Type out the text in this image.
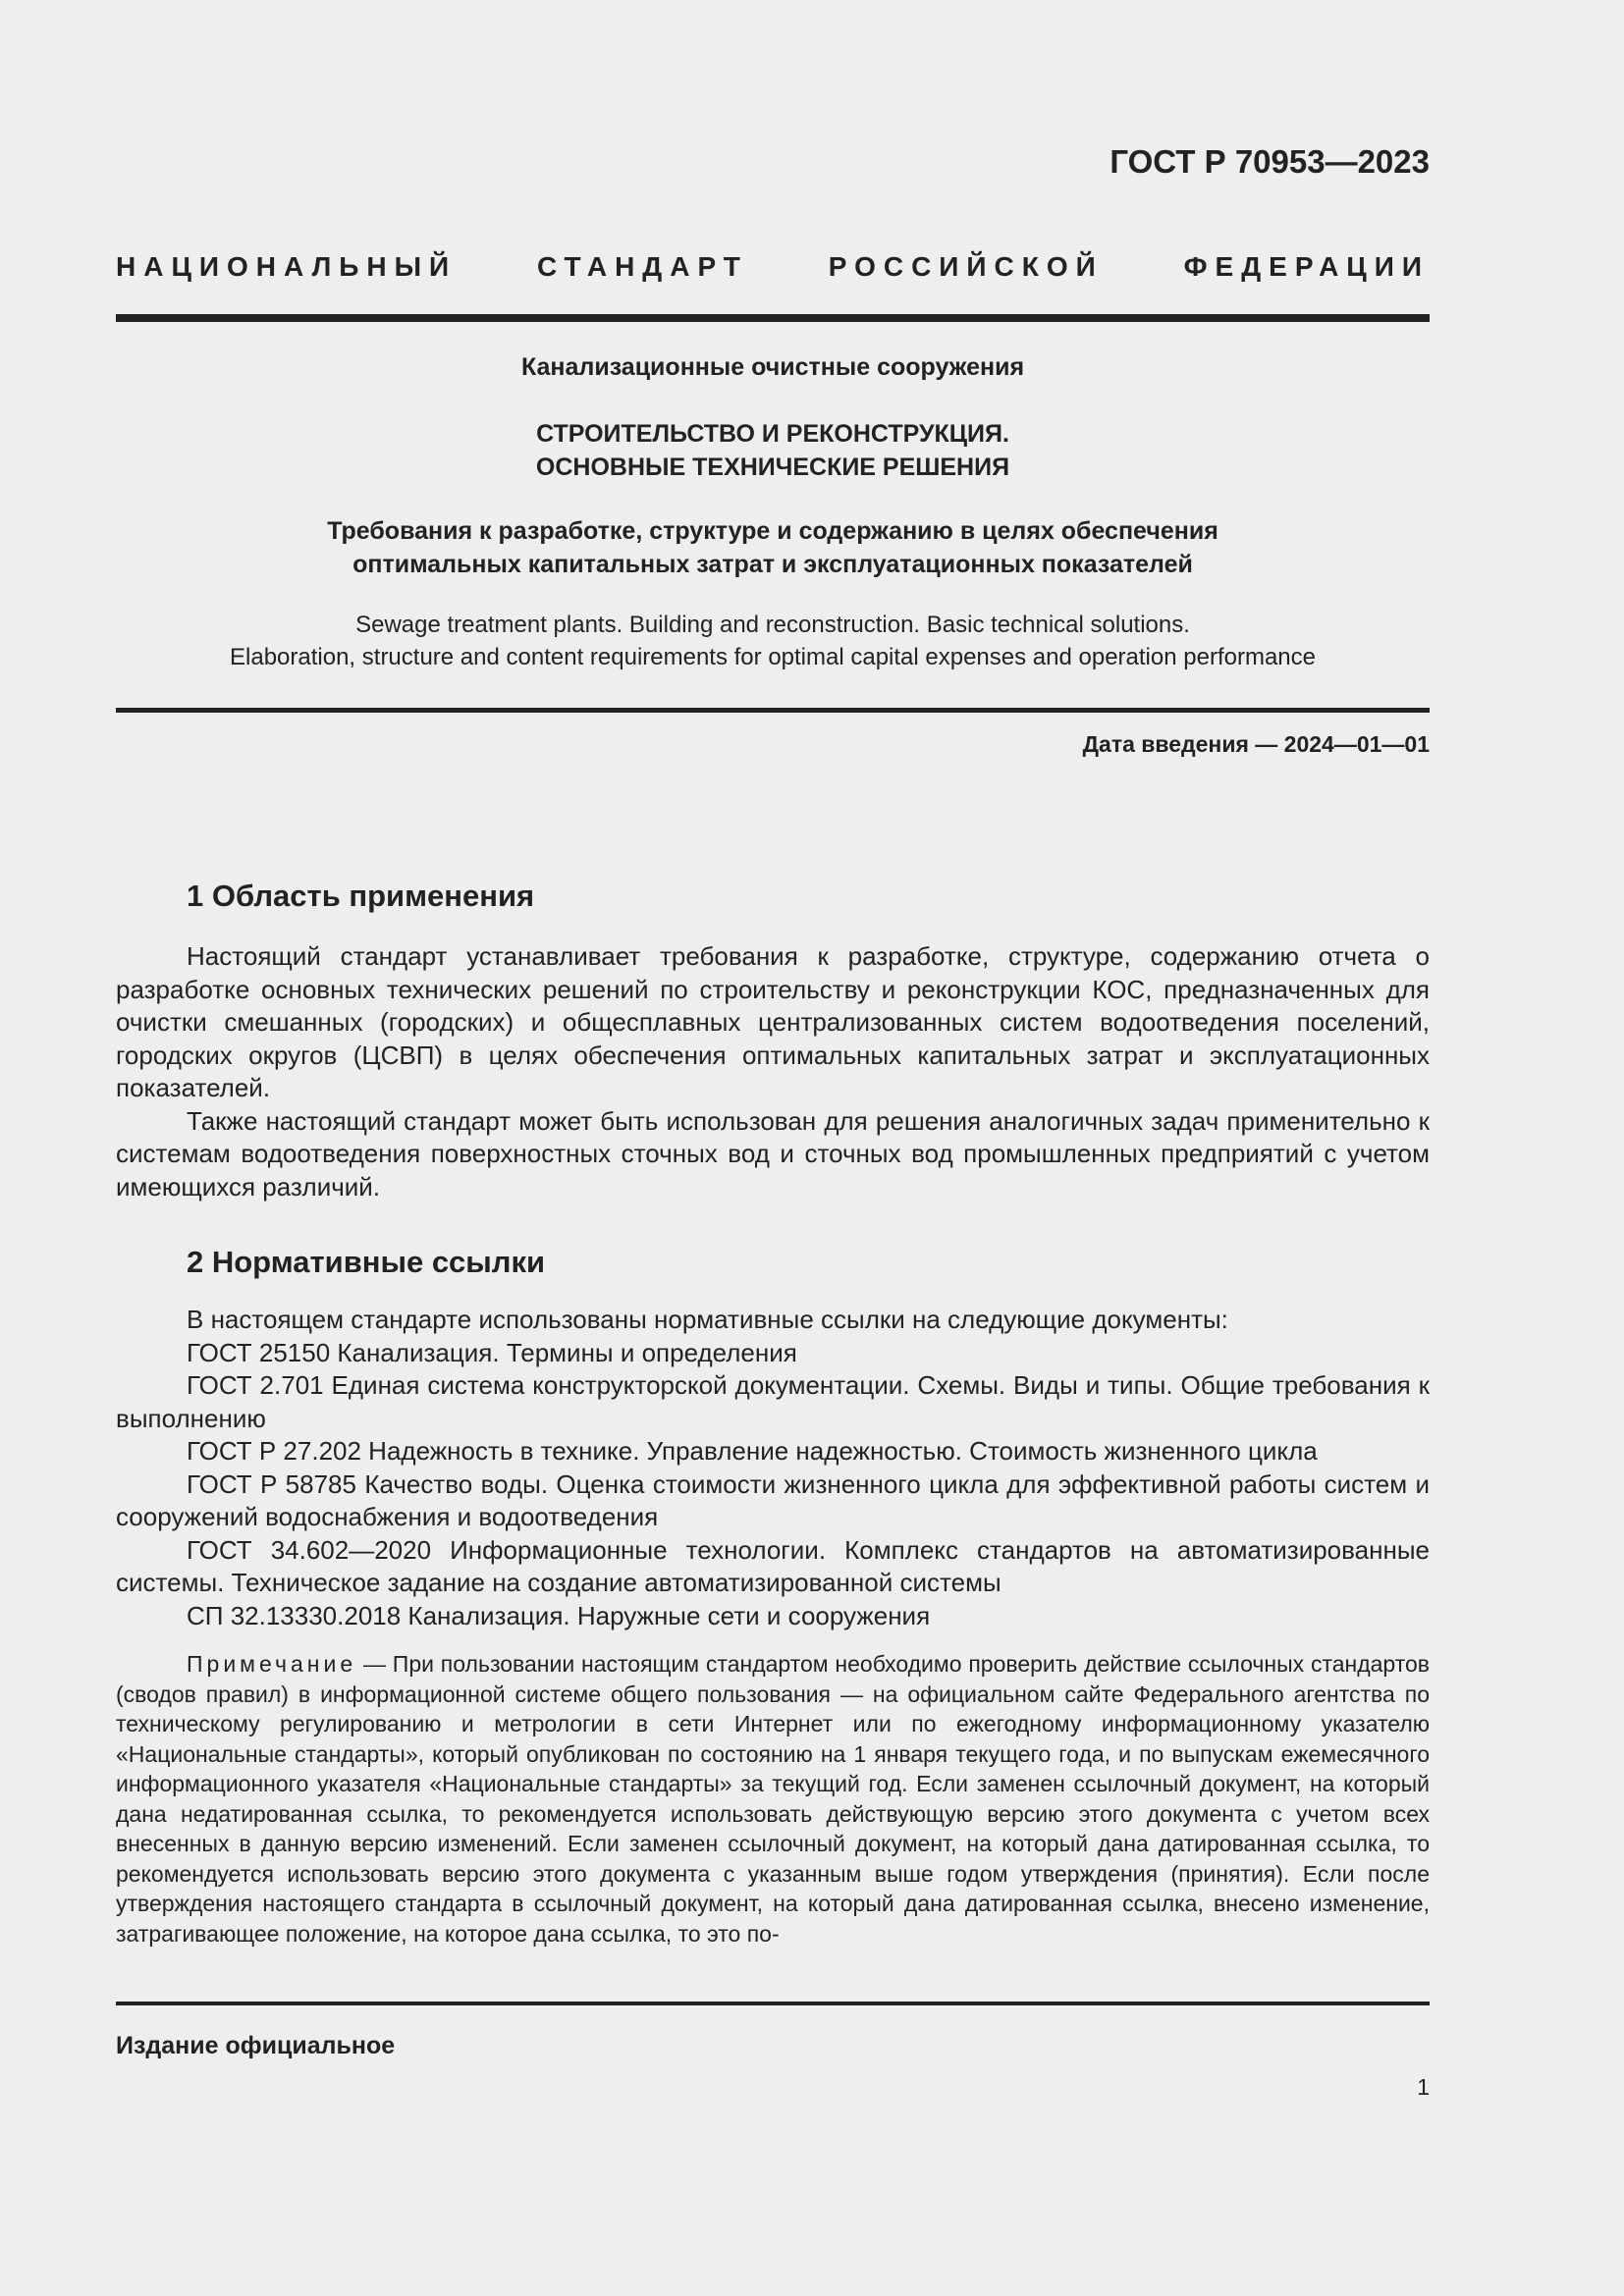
ГОСТ Р 70953—2023
НАЦИОНАЛЬНЫЙ СТАНДАРТ РОССИЙСКОЙ ФЕДЕРАЦИИ
Канализационные очистные сооружения
СТРОИТЕЛЬСТВО И РЕКОНСТРУКЦИЯ.
ОСНОВНЫЕ ТЕХНИЧЕСКИЕ РЕШЕНИЯ
Требования к разработке, структуре и содержанию в целях обеспечения
оптимальных капитальных затрат и эксплуатационных показателей
Sewage treatment plants. Building and reconstruction. Basic technical solutions.
Elaboration, structure and content requirements for optimal capital expenses and operation performance
Дата введения — 2024—01—01
1 Область применения

Настоящий стандарт устанавливает требования к разработке, структуре, содержанию отчета о разработке основных технических решений по строительству и реконструкции КОС, предназначенных для очистки смешанных (городских) и общесплавных централизованных систем водоотведения поселений, городских округов (ЦСВП) в целях обеспечения оптимальных капитальных затрат и эксплуатационных показателей.

Также настоящий стандарт может быть использован для решения аналогичных задач применительно к системам водоотведения поверхностных сточных вод и сточных вод промышленных предприятий с учетом имеющихся различий.

2 Нормативные ссылки

В настоящем стандарте использованы нормативные ссылки на следующие документы:

ГОСТ 25150 Канализация. Термины и определения

ГОСТ 2.701 Единая система конструкторской документации. Схемы. Виды и типы. Общие требования к выполнению

ГОСТ Р 27.202 Надежность в технике. Управление надежностью. Стоимость жизненного цикла

ГОСТ Р 58785 Качество воды. Оценка стоимости жизненного цикла для эффективной работы систем и сооружений водоснабжения и водоотведения

ГОСТ 34.602—2020 Информационные технологии. Комплекс стандартов на автоматизированные системы. Техническое задание на создание автоматизированной системы

СП 32.13330.2018 Канализация. Наружные сети и сооружения

Примечание — При пользовании настоящим стандартом необходимо проверить действие ссылочных стандартов (сводов правил) в информационной системе общего пользования — на официальном сайте Федерального агентства по техническому регулированию и метрологии в сети Интернет или по ежегодному информационному указателю «Национальные стандарты», который опубликован по состоянию на 1 января текущего года, и по выпускам ежемесячного информационного указателя «Национальные стандарты» за текущий год. Если заменен ссылочный документ, на который дана недатированная ссылка, то рекомендуется использовать действующую версию этого документа с учетом всех внесенных в данную версию изменений. Если заменен ссылочный документ, на который дана датированная ссылка, то рекомендуется использовать версию этого документа с указанным выше годом утверждения (принятия). Если после утверждения настоящего стандарта в ссылочный документ, на который дана датированная ссылка, внесено изменение, затрагивающее положение, на которое дана ссылка, то это по-

Издание официальное
1
